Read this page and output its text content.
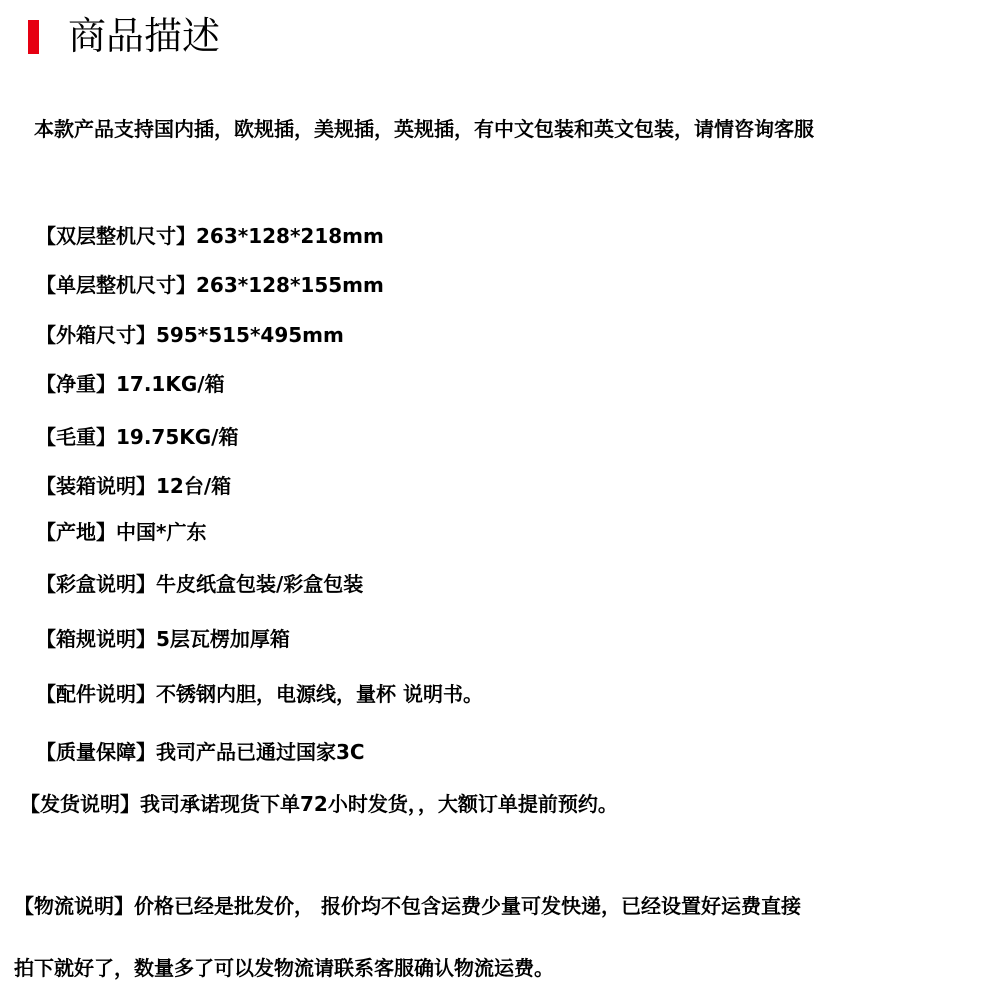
商品描述

本款产品支持国内插，欧规插，美规插，英规插，有中文包装和英文包装，请情咨询客服

【双层整机尺寸】263*128*218mm
【单层整机尺寸】263*128*155mm
【外箱尺寸】595*515*495mm
【净重】17.1KG/箱
【毛重】19.75KG/箱
【装箱说明】12台/箱
【产地】中国*广东
【彩盒说明】牛皮纸盒包装/彩盒包装
【箱规说明】5层瓦楞加厚箱
【配件说明】不锈钢内胆，电源线，量杯 说明书。
【质量保障】我司产品已通过国家3C
【发货说明】我司承诺现货下单72小时发货，，大额订单提前预约。
【物流说明】价格已经是批发价， 报价均不包含运费少量可发快递，已经设置好运费直接
拍下就好了，数量多了可以发物流请联系客服确认物流运费。
